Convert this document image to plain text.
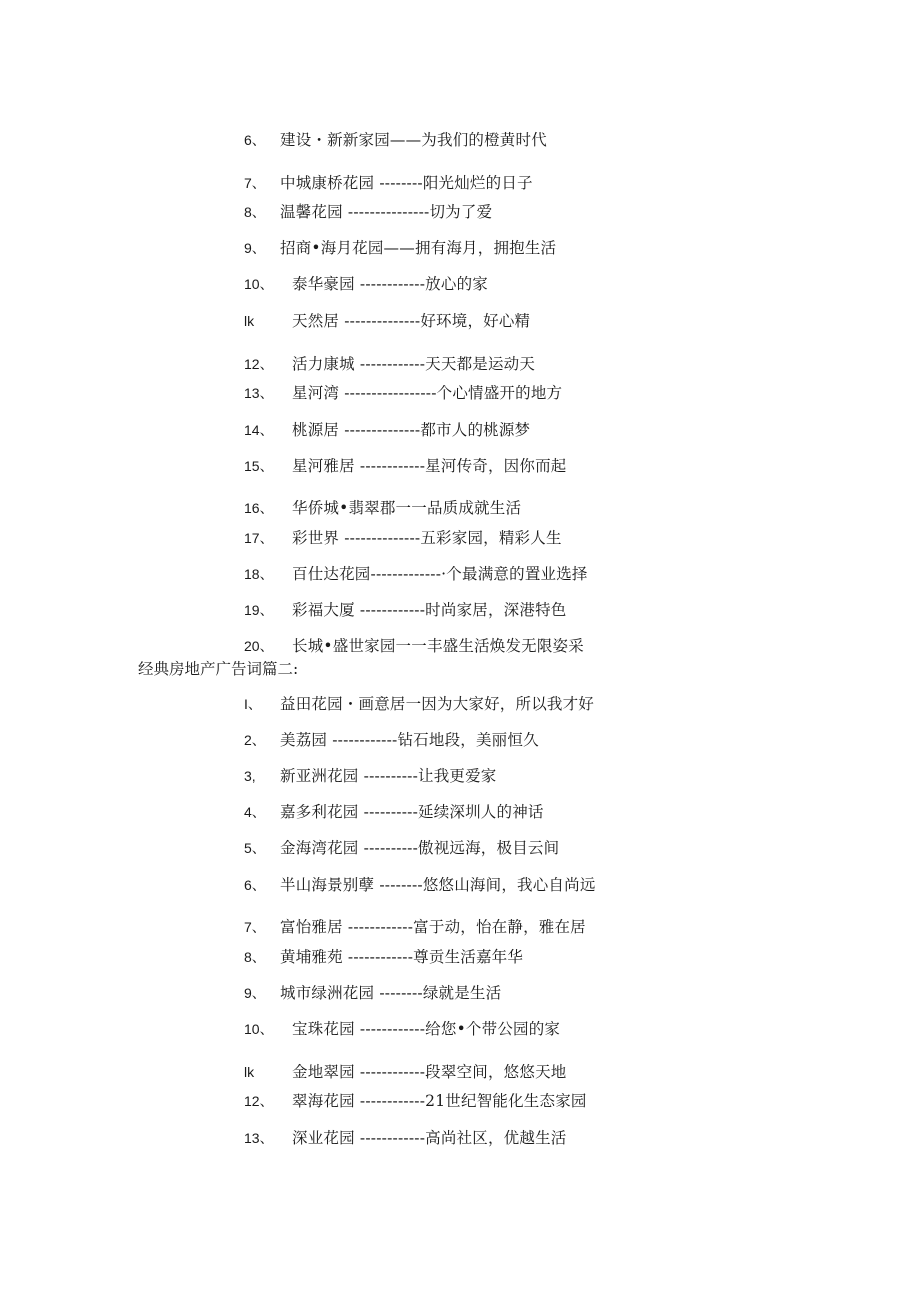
6、 建设・新新家园——为我们的橙黄时代
7、 中城康桥花园 --------阳光灿烂的日子
8、 温馨花园 ---------------切为了爱
9、 招商•海月花园——拥有海月，拥抱生活
10、 泰华豪园 ------------放心的家
lk 天然居 --------------好环境，好心精
12、 活力康城 ------------天天都是运动天
13、 星河湾 -----------------个心情盛开的地方
14、 桃源居 --------------都市人的桃源梦
15、 星河雅居 ------------星河传奇，因你而起
16、 华侨城•翡翠郡一一品质成就生活
17、 彩世界 --------------五彩家园，精彩人生
18、 百仕达花园-------------·个最满意的置业选择
19、 彩福大厦 ------------时尚家居，深港特色
20、 长城•盛世家园一一丰盛生活焕发无限姿采
经典房地产广告词篇二:
I、 益田花园・画意居一因为大家好，所以我才好
2、 美荔园 ------------钻石地段，美丽恒久
3, 新亚洲花园 ----------让我更爱家
4、 嘉多利花园 ----------延续深圳人的神话
5、 金海湾花园 ----------傲视远海，极目云间
6、 半山海景别孽 --------悠悠山海间，我心自尚远
7、 富怡雅居 ------------富于动，怡在静，雅在居
8、 黄埔雅苑 ------------尊贡生活嘉年华
9、 城市绿洲花园 --------绿就是生活
10、 宝珠花园 ------------给您•个带公园的家
lk 金地翠园 ------------段翠空间，悠悠天地
12、 翠海花园 ------------21世纪智能化生态家园
13、 深业花园 ------------高尚社区，优越生活
